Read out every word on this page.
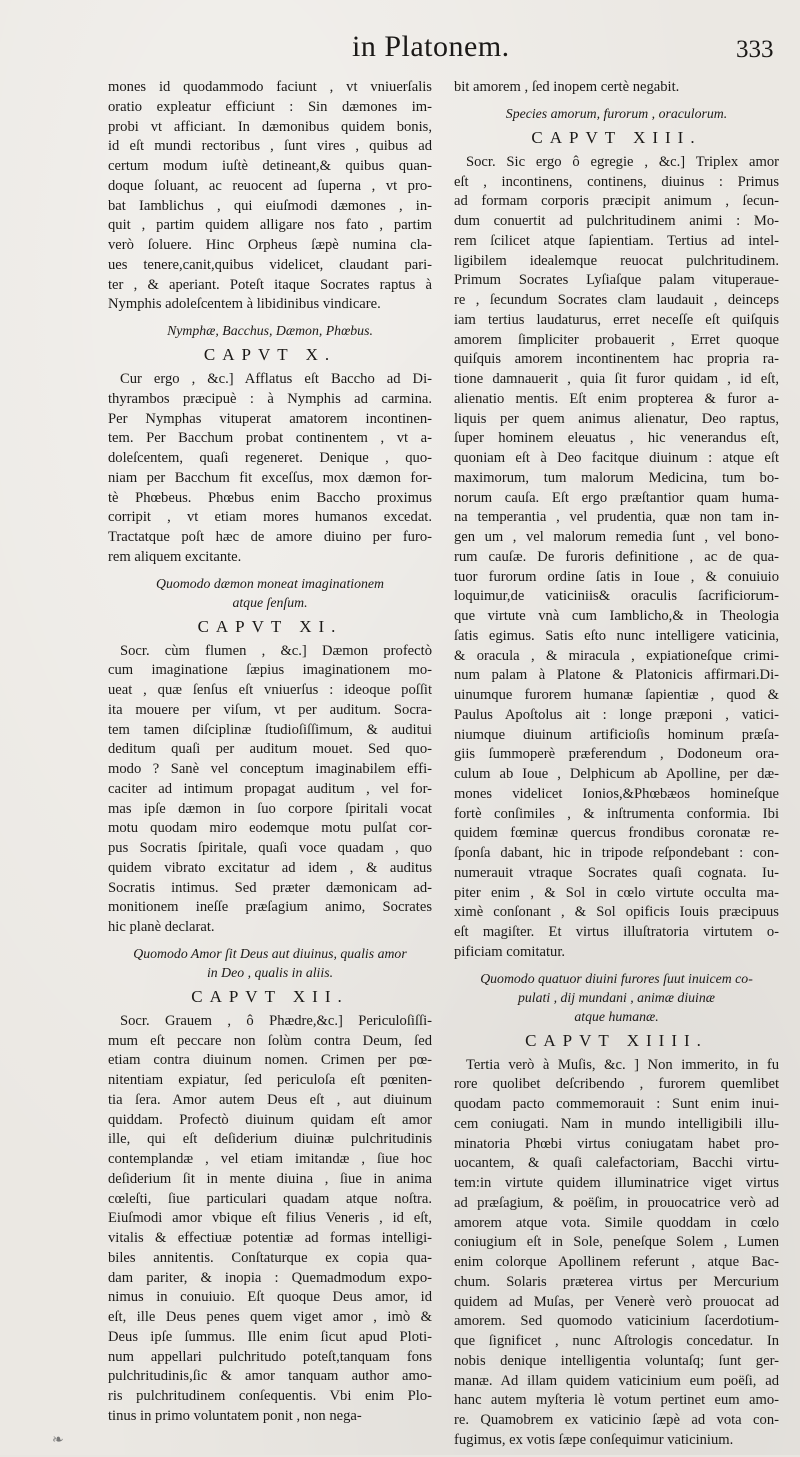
in Platonem.	333
mones id quodammodo faciunt , vt vniuerſalis
oratio expleatur efficiunt : Sin dæmones im-
probi vt afficiant. In dæmonibus quidem bonis,
id eſt mundi rectoribus , ſunt vires , quibus ad
certum modum iuſtè detineant,& quibus quan-
doque ſoluant, ac reuocent ad ſuperna , vt pro-
bat Iamblichus , qui eiuſmodi dæmones , in-
quit , partim quidem alligare nos fato , partim
verò ſoluere. Hinc Orpheus ſæpè numina cla-
ues tenere,canit,quibus videlicet, claudant pari-
ter , & aperiant. Poteſt itaque Socrates raptus à
Nymphis adoleſcentem à libidinibus vindicare.
Nymphæ, Bacchus, Dæmon, Phœbus.
CAPVT X.
Cur ergo , &c.] Afflatus eſt Baccho ad Di-
thyrambos præcipuè : à Nymphis ad carmina.
Per Nymphas vituperat amatorem incontinen-
tem. Per Bacchum probat continentem , vt a-
doleſcentem, quaſi regeneret. Denique , quo-
niam per Bacchum fit exceſſus, mox dæmon for-
tè Phœbeus. Phœbus enim Baccho proximus
corripit , vt etiam mores humanos excedat.
Tractatque poſt hæc de amore diuino per furo-
rem aliquem excitante.
Quomodo dæmon moneat imaginationem
atque ſenſum.
CAPVT XI.
Socr. cùm flumen , &c.] Dæmon profectò
cum imaginatione ſæpius imaginationem mo-
ueat , quæ ſenſus eſt vniuerſus : ideoque poſſit
ita mouere per viſum, vt per auditum. Socra-
tem tamen diſciplinæ ſtudioſiſſimum, & auditui
deditum quaſi per auditum mouet. Sed quo-
modo ? Sanè vel conceptum imaginabilem effi-
caciter ad intimum propagat auditum , vel for-
mas ipſe dæmon in ſuo corpore ſpiritali vocat
motu quodam miro eodemque motu pulſat cor-
pus Socratis ſpiritale, quaſi voce quadam , quo
quidem vibrato excitatur ad idem , & auditus
Socratis intimus. Sed præter dæmonicam ad-
monitionem ineſſe præſagium animo, Socrates
hic planè declarat.
Quomodo Amor ſit Deus aut diuinus, qualis amor
in Deo , qualis in aliis.
CAPVT XII.
Socr. Grauem , ô Phædre,&c.] Periculoſiſſi-
mum eſt peccare non ſolùm contra Deum, ſed
etiam contra diuinum nomen. Crimen per pœ-
nitentiam expiatur, ſed periculoſa eſt pœniten-
tia ſera. Amor autem Deus eſt , aut diuinum
quiddam. Profectò diuinum quidam eſt amor
ille, qui eſt deſiderium diuinæ pulchritudinis
contemplandæ , vel etiam imitandæ , ſiue hoc
deſiderium ſit in mente diuina , ſiue in anima
cœleſti, ſiue particulari quadam atque noſtra.
Eiuſmodi amor vbique eſt filius Veneris , id eſt,
vitalis & effectiuæ potentiæ ad formas intelligi-
biles annitentis. Conſtaturque ex copia qua-
dam pariter, & inopia : Quemadmodum expo-
nimus in conuiuio. Eſt quoque Deus amor, id
eſt, ille Deus penes quem viget amor , imò &
Deus ipſe ſummus. Ille enim ſicut apud Ploti-
num appellari pulchritudo poteſt,tanquam fons
pulchritudinis,ſic & amor tanquam author amo-
ris pulchritudinem conſequentis. Vbi enim Plo-
tinus in primo voluntatem ponit , non nega-
bit amorem , ſed inopem certè negabit.
Species amorum, furorum , oraculorum.
CAPVT XIII.
Socr. Sic ergo ô egregie , &c.] Triplex amor
eſt , incontinens, continens, diuinus : Primus
ad formam corporis præcipit animum , ſecun-
dum conuertit ad pulchritudinem animi : Mo-
rem ſcilicet atque ſapientiam. Tertius ad intel-
ligibilem idealemque reuocat pulchritudinem.
Primum Socrates Lyſiaſque palam vituperaue-
re , ſecundum Socrates clam laudauit , deinceps
iam tertius laudaturus, erret neceſſe eſt quiſquis
amorem ſimpliciter probauerit , Erret quoque
quiſquis amorem incontinentem hac propria ra-
tione damnauerit , quia ſit furor quidam , id eſt,
alienatio mentis. Eſt enim propterea & furor a-
liquis per quem animus alienatur, Deo raptus,
ſuper hominem eleuatus , hic venerandus eſt,
quoniam eſt à Deo facitque diuinum : atque eſt
maximorum, tum malorum Medicina, tum bo-
norum cauſa. Eſt ergo præſtantior quam huma-
na temperantia , vel prudentia, quæ non tam in-
gen um , vel malorum remedia ſunt , vel bono-
rum cauſæ. De furoris definitione , ac de qua-
tuor furorum ordine ſatis in Ioue , & conuiuio
loquimur,de vaticiniis& oraculis ſacrificiorum-
que virtute vnà cum Iamblicho,& in Theologia
ſatis egimus. Satis eſto nunc intelligere vaticinia,
& oracula , & miracula , expiationeſque crimi-
num palam à Platone & Platonicis affirmari.Di-
uinumque furorem humanæ ſapientiæ , quod &
Paulus Apoſtolus ait : longe præponi , vatici-
niumque diuinum artificioſis hominum præſa-
giis ſummoperè præferendum , Dodoneum ora-
culum ab Ioue , Delphicum ab Apolline, per dæ-
mones videlicet Ionios,&Phœbæos homineſque
fortè conſimiles , & inſtrumenta conformia. Ibi
quidem fœminæ quercus frondibus coronatæ re-
ſponſa dabant, hic in tripode reſpondebant : con-
numerauit vtraque Socrates quaſi cognata. Iu-
piter enim , & Sol in cœlo virtute occulta ma-
ximè conſonant , & Sol opificis Iouis præcipuus
eſt magiſter. Et virtus illuſtratoria virtutem o-
pificiam comitatur.
Quomodo quatuor diuini furores ſuut inuicem co-
pulati , dij mundani , animæ diuinæ
atque humanæ.
CAPVT XIIII.
Tertia verò à Muſis, &c. ] Non immerito, in fu
rore quolibet deſcribendo , furorem quemlibet
quodam pacto commemorauit : Sunt enim inui-
cem coniugati. Nam in mundo intelligibili illu-
minatoria Phœbi virtus coniugatam habet pro-
uocantem, & quaſi calefactoriam, Bacchi virtu-
tem:in virtute quidem illuminatrice viget virtus
ad præſagium, & poëſim, in prouocatrice verò ad
amorem atque vota. Simile quoddam in cœlo
coniugium eſt in Sole, peneſque Solem , Lumen
enim colorque Apollinem referunt , atque Bac-
chum. Solaris præterea virtus per Mercurium
quidem ad Muſas, per Venerè verò prouocat ad
amorem. Sed quomodo vaticinium ſacerdotium-
que ſignificet , nunc Aſtrologis concedatur. In
nobis denique intelligentia voluntaſq; ſunt ger-
manæ. Ad illam quidem vaticinium eum poëſi, ad
hanc autem myſteria lè votum pertinet eum amo-
re. Quamobrem ex vaticinio ſæpè ad vota con-
fugimus, ex votis ſæpe conſequimur vaticinium.
❧
